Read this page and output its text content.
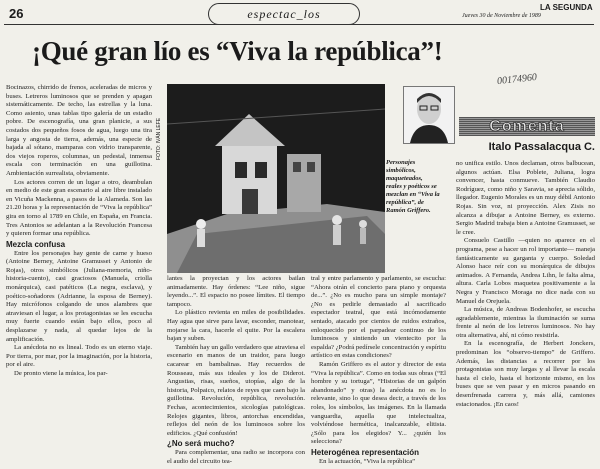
26	espectac_los	LA SEGUNDA
Jueves 30 de Noviembre de 1989
¡Qué gran lío es “Viva la república”!

Bocinazos, chirrido de frenos, aceleradas de micros y buses. Letreros luminosos que se prenden y apagan sistemáticamente. De techo, las estrellas y la luna. Como asiento, unas tablas tipo galería de un estadio pobre. De escenografía, una gran planicie, a sus costados dos pequeños fosos de agua, luego una tira larga y angosta de tierra, además, una especie de bajada al sótano, mamparas con vidrio transparente, dos viejos roperos, columnas, un pedestal, inmensa escala con terminación en una guillotina. Ambientación surrealista, obviamente.

Los actores corren de un lugar a otro, deambulan en medio de este gran escenario al aire libre instalado en Vicuña Mackenna, a pasos de la Alameda. Son las 21.20 horas y la representación de “Viva la república” gira en torno al 1789 en Chile, en España, en Francia. Tres Antonios se adelantan a la Revolución Francesa y quieren formar una república.

Mezcla confusa

Entre los personajes hay gente de carne y hueso (Antoine Berney, Antoine Gramusset y Antonio de Rojas), otros simbólicos (Juliana-memoria, niño-historia-cuento), casi graciosos (Manuela, criolla monárquica), casi patéticos (La negra, esclava), y poético-soñadores (Adrianne, la esposa de Berney). Hay micrófonos colgando de unos alambres que atraviesan el lugar, a los protagonistas se les escucha muy fuerte cuando están bajo ellos, poco al desplazarse y nada, al quedar lejos de la amplificación.

La anécdota no es lineal. Todo es un eterno viaje. Por tierra, por mar, por la imaginación, por la historia, por el aire.

De pronto viene la música, los par-

FOTO: IVÁN LEFE
Personajes simbólicos, maqueteados, reales y poéticos se mezclan en “Viva la república”, de Ramón Griffero.
00174960
Comenta
Italo Passalacqua C.

lantes la proyectan y los actores bailan animadamente. Hay órdenes: “Lee niño, sigue leyendo...”. El espacio no posee límites. El tiempo tampoco.

Lo plástico revienta en miles de posibilidades. Hay agua que sirve para lavar, esconder, manotear, mojarse la cara, hacerle el quite. Por la escalera bajan y suben.

También hay un gallo verdadero que atraviesa el escenario en manos de un traidor, para luego cacarear en bambalinas. Hay recuerdos de Rousseau, más sus ideales y los de Diderot. Angustias, risas, sueños, utopías, algo de la historia, Polpaico, relatos de reyes que caen bajo la guillotina. Revolución, república, revolución. Fechas, acontecimientos, sicologías patológicas. Relojes gigantes, libros, antorchas encendidas, reflejos del neón de los luminosos sobre los edificios. ¿Qué confusión!

¿No será mucho?

Para complementar, una radio se incorpora con el audio del circuito tea-

tral y entre parlamento y parlamento, se escucha: “Ahora oirán el concierto para piano y orquesta de...”. ¿No es mucho para un simple montaje? ¿No es pedirle demasiado al sacrificado espectador teatral, que está incómodamente sentado, atacado por cientos de ruidos extraños, enloquecido por el parpadear continuo de los luminosos y sintiendo un vientecito por la espalda? ¿Podrá pedírsele concentración y espíritu artístico en estas condiciones?

Ramón Griffero es el autor y director de esta “Viva la república”. Como en todas sus obras (“El hombre y su tortuga”, “Historias de un galpón abandonado” y otras) la anécdota no es lo relevante, sino lo que desea decir, a través de los roles, los símbolos, las imágenes. En la llamada vanguardia, aquella que intelectualiza, volviéndose hermética, inalcanzable, elitista. ¿Sólo para los elegidos? Y... ¿quién los selecciona?

Heterogénea representación

En la actuación, “Viva la república”

no unifica estilo. Unos declaman, otros balbucean, algunos actúan. Elsa Poblete, Juliana, logra convencer, hasta conmueve. También Claudio Rodríguez, como niño y Saravia, se aprecia sólido, llegador. Eugenio Morales es un muy débil Antonio Rojas. Sin voz, ni proyección. Alex Zisis no alcanza a dibujar a Antoine Berney, es externo. Sergio Madrid trabaja bien a Antoine Gramusset, se le cree.

Consuelo Castillo —quien no aparece en el programa, pese a hacer un rol importante— maneja fantásticamente su garganta y cuerpo. Soledad Alonso hace reír con su monárquica de dibujos animados. A Fernanda, Andrea Lihn, le falta alma, altura. Carla Lobos maquetea positivamente a la Negra y Francisco Moraga no dice nada con su Manuel de Orejuela.

La música, de Andreas Bodenhofer, se escucha agradablemente, mientras la iluminación se suma frente al neón de los letreros luminosos. No hay otra alternativa, ahí, ni cómo resistirla.

En la escenografía, de Herbert Jonckers, predominan los “observo-tiempo” de Griffero. Además, las distancias a recorrer por los protagonistas son muy largas y al llevar la escala hasta el cielo, hasta el horizonte mismo, en los buses que se ven pasar y en micros pasando en desenfrenada carrera y, más allá, camiones estacionados. ¡En caos!
